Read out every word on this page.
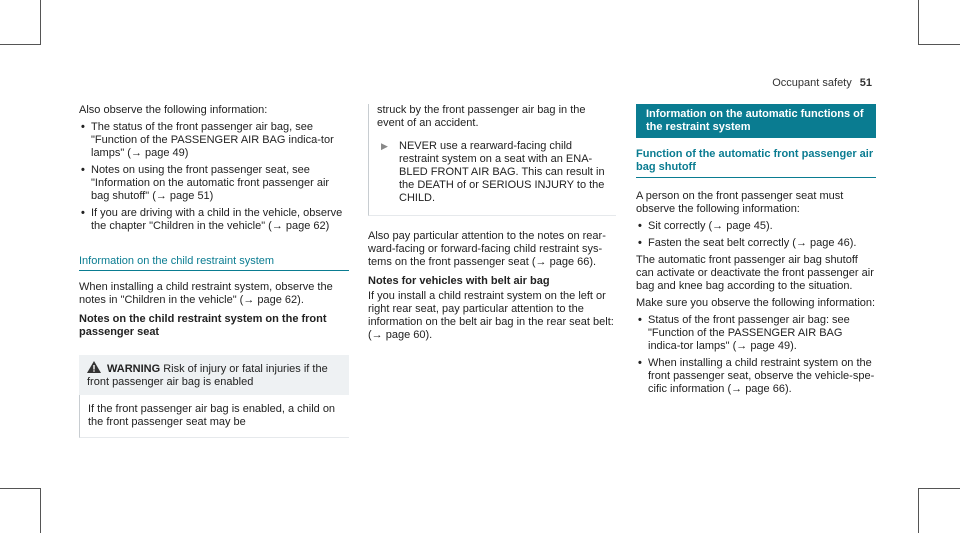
Occupant safety 51

Also observe the following information:

• The status of the front passenger air bag, see "Function of the PASSENGER AIR BAG indica-tor lamps" (→ page 49)
• Notes on using the front passenger seat, see "Information on the automatic front passenger air bag shutoff" (→ page 51)
• If you are driving with a child in the vehicle, observe the chapter "Children in the vehicle" (→ page 62)
Information on the child restraint system

When installing a child restraint system, observe the notes in "Children in the vehicle" (→ page 62).

Notes on the child restraint system on the front passenger seat
WARNING Risk of injury or fatal injuries if the front passenger air bag is enabled
If the front passenger air bag is enabled, a child on the front passenger seat may be

struck by the front passenger air bag in the event of an accident.

▶ NEVER use a rearward-facing child restraint system on a seat with an ENA-BLED FRONT AIR BAG. This can result in the DEATH of or SERIOUS INJURY to the CHILD.

Also pay particular attention to the notes on rear-ward-facing or forward-facing child restraint sys-tems on the front passenger seat (→ page 66).

Notes for vehicles with belt air bag

If you install a child restraint system on the left or right rear seat, pay particular attention to the information on the belt air bag in the rear seat belt: (→ page 60).

Information on the automatic functions of the restraint system
Function of the automatic front passenger air bag shutoff

A person on the front passenger seat must observe the following information:

• Sit correctly (→ page 45).
• Fasten the seat belt correctly (→ page 46).

The automatic front passenger air bag shutoff can activate or deactivate the front passenger air bag and knee bag according to the situation.

Make sure you observe the following information:

• Status of the front passenger air bag: see "Function of the PASSENGER AIR BAG indica-tor lamps" (→ page 49).
• When installing a child restraint system on the front passenger seat, observe the vehicle-spe-cific information (→ page 66).
